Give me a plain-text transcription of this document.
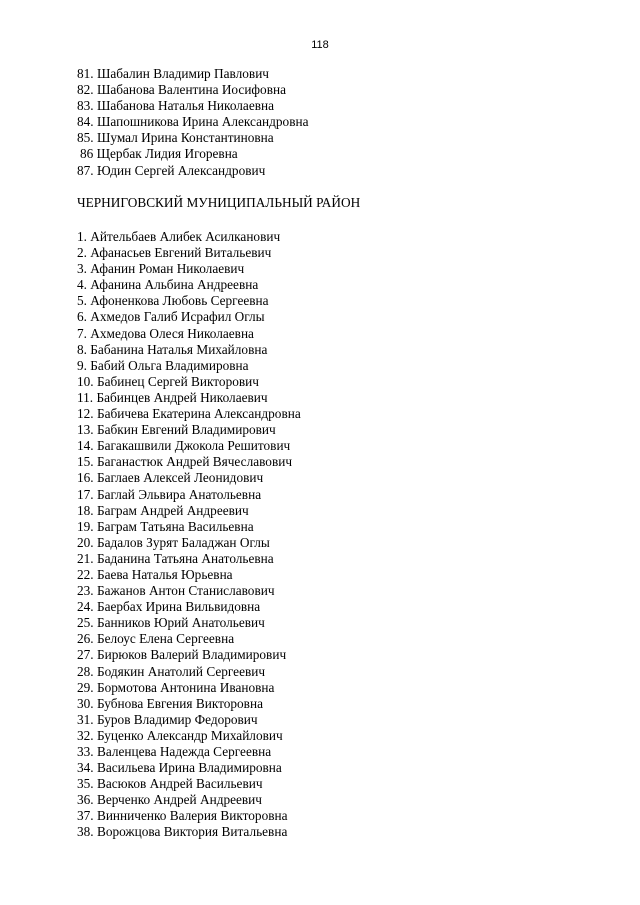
118
81. Шабалин Владимир Павлович
82. Шабанова Валентина Иосифовна
83. Шабанова Наталья Николаевна
84. Шапошникова Ирина Александровна
85. Шумал Ирина Константиновна
86 Щербак Лидия Игоревна
87. Юдин Сергей Александрович
ЧЕРНИГОВСКИЙ МУНИЦИПАЛЬНЫЙ РАЙОН
1. Айтельбаев Алибек Асилканович
2. Афанасьев Евгений Витальевич
3. Афанин Роман Николаевич
4. Афанина Альбина Андреевна
5. Афоненкова Любовь Сергеевна
6. Ахмедов Галиб Исрафил Оглы
7. Ахмедова Олеся Николаевна
8. Бабанина Наталья Михайловна
9. Бабий Ольга Владимировна
10. Бабинец Сергей Викторович
11. Бабинцев Андрей Николаевич
12. Бабичева Екатерина Александровна
13. Бабкин Евгений Владимирович
14. Багакашвили Джокола Решитович
15. Баганастюк Андрей Вячеславович
16. Баглаев Алексей Леонидович
17. Баглай Эльвира Анатольевна
18. Баграм Андрей Андреевич
19. Баграм Татьяна Васильевна
20. Бадалов Зурят Баладжан Оглы
21. Баданина Татьяна Анатольевна
22. Баева Наталья Юрьевна
23. Бажанов Антон Станиславович
24. Баербах Ирина Вильвидовна
25. Банников Юрий Анатольевич
26. Белоус Елена Сергеевна
27. Бирюков Валерий Владимирович
28. Бодякин Анатолий Сергеевич
29. Бормотова Антонина Ивановна
30. Бубнова Евгения Викторовна
31. Буров Владимир Федорович
32. Буценко Александр Михайлович
33. Валенцева Надежда Сергеевна
34. Васильева Ирина Владимировна
35. Васюков Андрей Васильевич
36. Верченко Андрей Андреевич
37. Винниченко Валерия Викторовна
38. Ворожцова Виктория Витальевна
